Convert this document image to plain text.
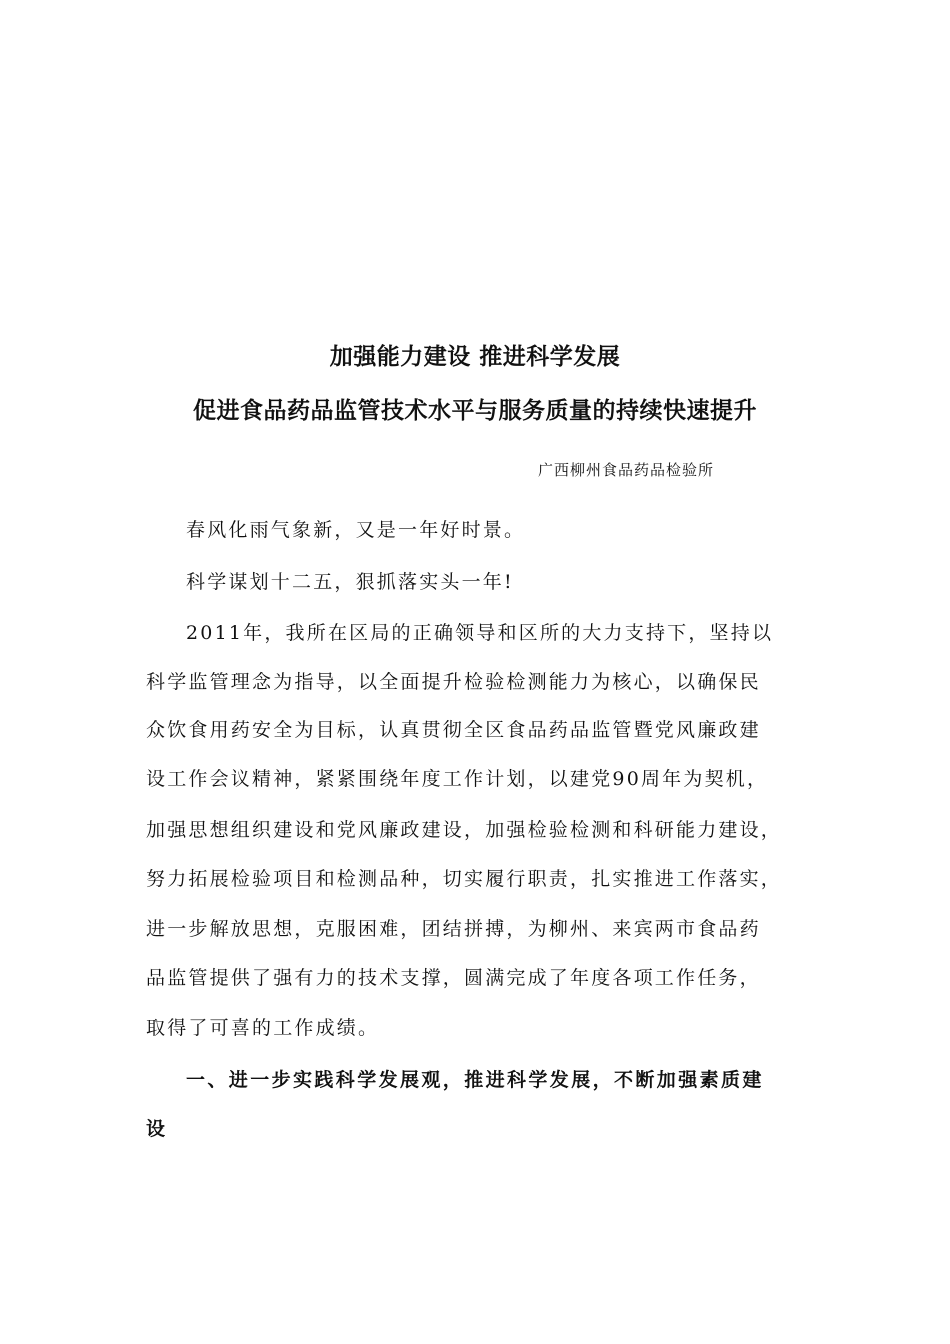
加强能力建设 推进科学发展
促进食品药品监管技术水平与服务质量的持续快速提升
广西柳州食品药品检验所
春风化雨气象新，又是一年好时景。
科学谋划十二五，狠抓落实头一年!
2011年，我所在区局的正确领导和区所的大力支持下，坚持以
科学监管理念为指导，以全面提升检验检测能力为核心，以确保民
众饮食用药安全为目标，认真贯彻全区食品药品监管暨党风廉政建
设工作会议精神，紧紧围绕年度工作计划，以建党90周年为契机，
加强思想组织建设和党风廉政建设，加强检验检测和科研能力建设，
努力拓展检验项目和检测品种，切实履行职责，扎实推进工作落实，
进一步解放思想，克服困难，团结拼搏，为柳州、来宾两市食品药
品监管提供了强有力的技术支撑，圆满完成了年度各项工作任务，
取得了可喜的工作成绩。
一、进一步实践科学发展观，推进科学发展，不断加强素质建
设
